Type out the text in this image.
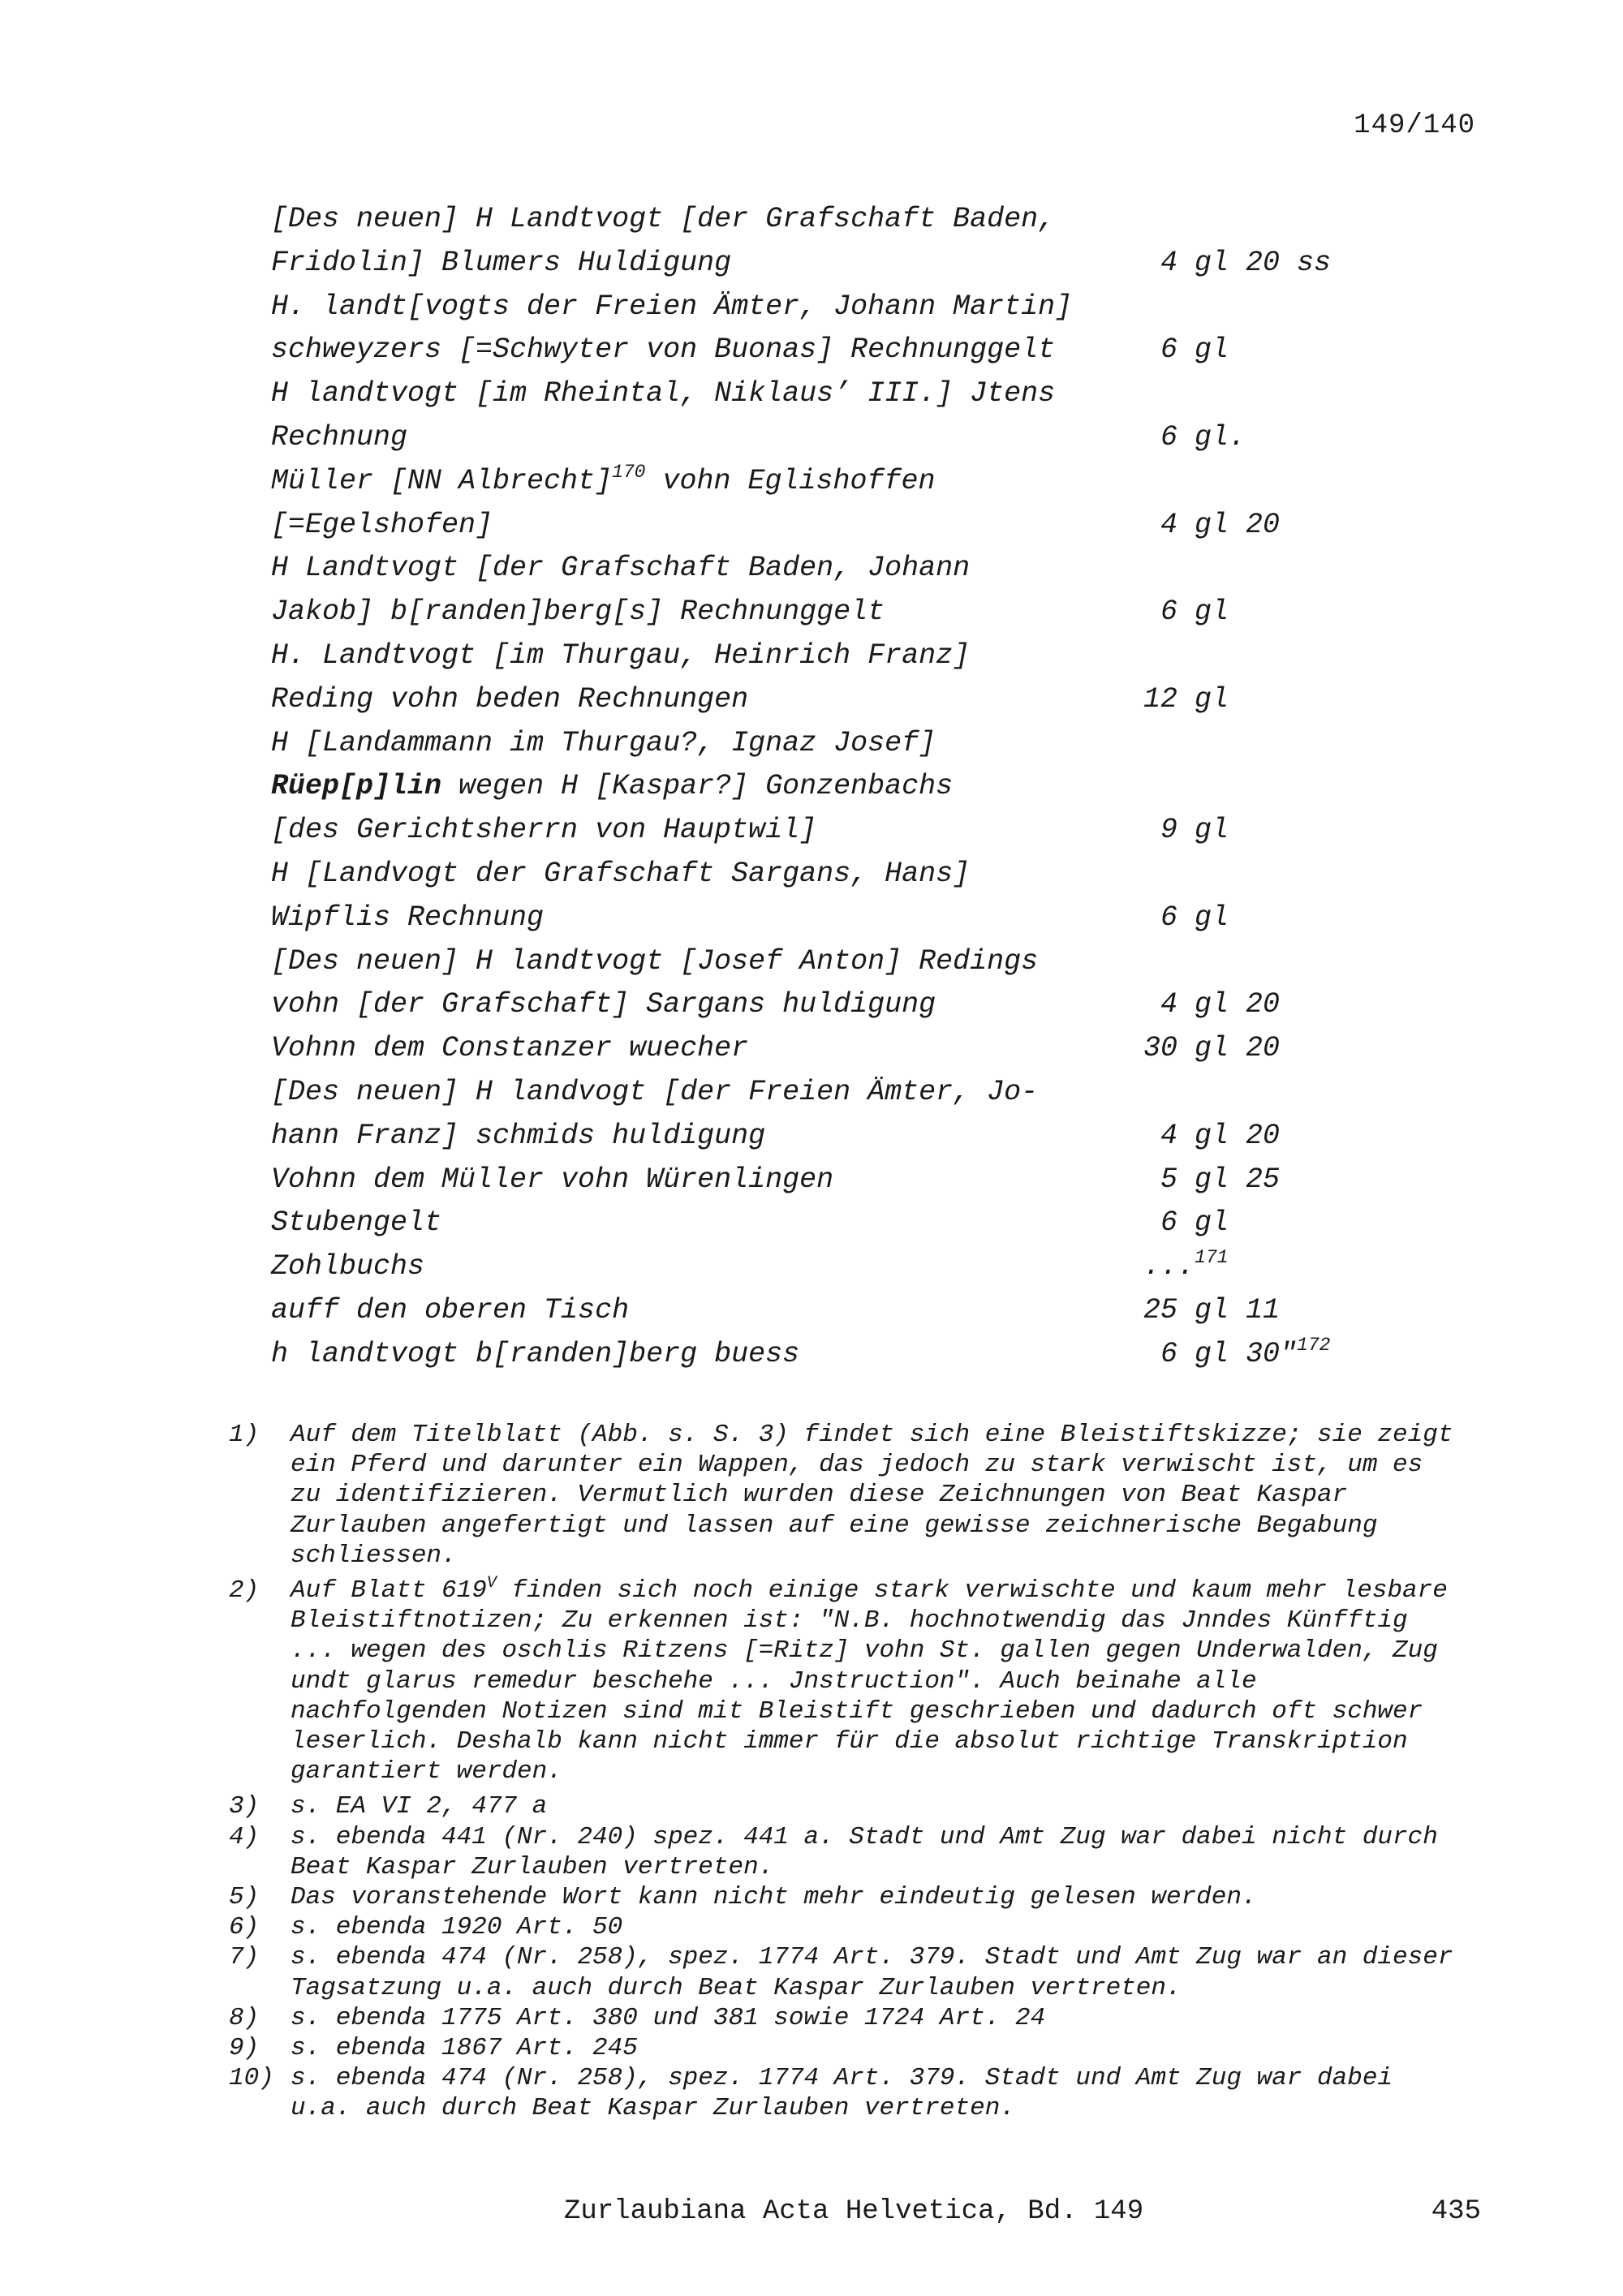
149/140
[Des neuen] H Landtvogt [der Grafschaft Baden,
Fridolin] Blumers Huldigung	4 gl 20 ss
H. landt[vogts der Freien Ämter, Johann Martin]
schweyzers [=Schwyter von Buonas] Rechnunggelt	6 gl
H landtvogt [im Rheintal, Niklaus’ III.] Jtens
Rechnung	6 gl.
Müller [NN Albrecht]$^{170}$ vohn Eglishoffen
[=Egelshofen]	4 gl 20
H Landtvogt [der Grafschaft Baden, Johann
Jakob] b[randen]berg[s] Rechnunggelt	6 gl
H. Landtvogt [im Thurgau, Heinrich Franz]
Reding vohn beden Rechnungen	12 gl
H [Landammann im Thurgau?, Ignaz Josef]
Rüep[p]lin wegen H [Kaspar?] Gonzenbachs
[des Gerichtsherrn von Hauptwil]	9 gl
H [Landvogt der Grafschaft Sargans, Hans]
Wipflis Rechnung	6 gl
[Des neuen] H landtvogt [Josef Anton] Redings
vohn [der Grafschaft] Sargans huldigung	4 gl 20
Vohnn dem Constanzer wuecher	30 gl 20
[Des neuen] H landvogt [der Freien Ämter, Jo-
hann Franz] schmids huldigung	4 gl 20
Vohnn dem Müller vohn Würenlingen	5 gl 25
Stubengelt	6 gl
Zohlbuchs	...$^{171}$
auff den oberen Tisch	25 gl 11
h landtvogt b[randen]berg buess	6 gl 30"$^{172}$
1)	Auf dem Titelblatt (Abb. s. S. 3) findet sich eine Bleistiftskizze; sie zeigt ein Pferd und darunter ein Wappen, das jedoch zu stark verwischt ist, um es zu identifizieren. Vermutlich wurden diese Zeichnungen von Beat Kaspar Zurlauben angefertigt und lassen auf eine gewisse zeichnerische Begabung schliessen.
2)	Auf Blatt $619^V$ finden sich noch einige stark verwischte und kaum mehr lesbare Bleistiftnotizen; Zu erkennen ist: "N.B. hochnotwendig das Jnndes Künfftig ... wegen des oschlis Ritzens [=Ritz] vohn St. gallen gegen Underwalden, Zug undt glarus remedur beschehe ... Jnstruction". Auch beinahe alle nachfolgenden Notizen sind mit Bleistift geschrieben und dadurch oft schwer leserlich. Deshalb kann nicht immer für die absolut richtige Transkription garantiert werden.
3)	s. EA VI 2, 477 a
4)	s. ebenda 441 (Nr. 240) spez. 441 a. Stadt und Amt Zug war dabei nicht durch Beat Kaspar Zurlauben vertreten.
5)	Das voranstehende Wort kann nicht mehr eindeutig gelesen werden.
6)	s. ebenda 1920 Art. 50
7)	s. ebenda 474 (Nr. 258), spez. 1774 Art. 379. Stadt und Amt Zug war an dieser Tagsatzung u.a. auch durch Beat Kaspar Zurlauben vertreten.
8)	s. ebenda 1775 Art. 380 und 381 sowie 1724 Art. 24
9)	s. ebenda 1867 Art. 245
10) s. ebenda 474 (Nr. 258), spez. 1774 Art. 379. Stadt und Amt Zug war dabei u.a. auch durch Beat Kaspar Zurlauben vertreten.
Zurlaubiana Acta Helvetica, Bd. 149	435
